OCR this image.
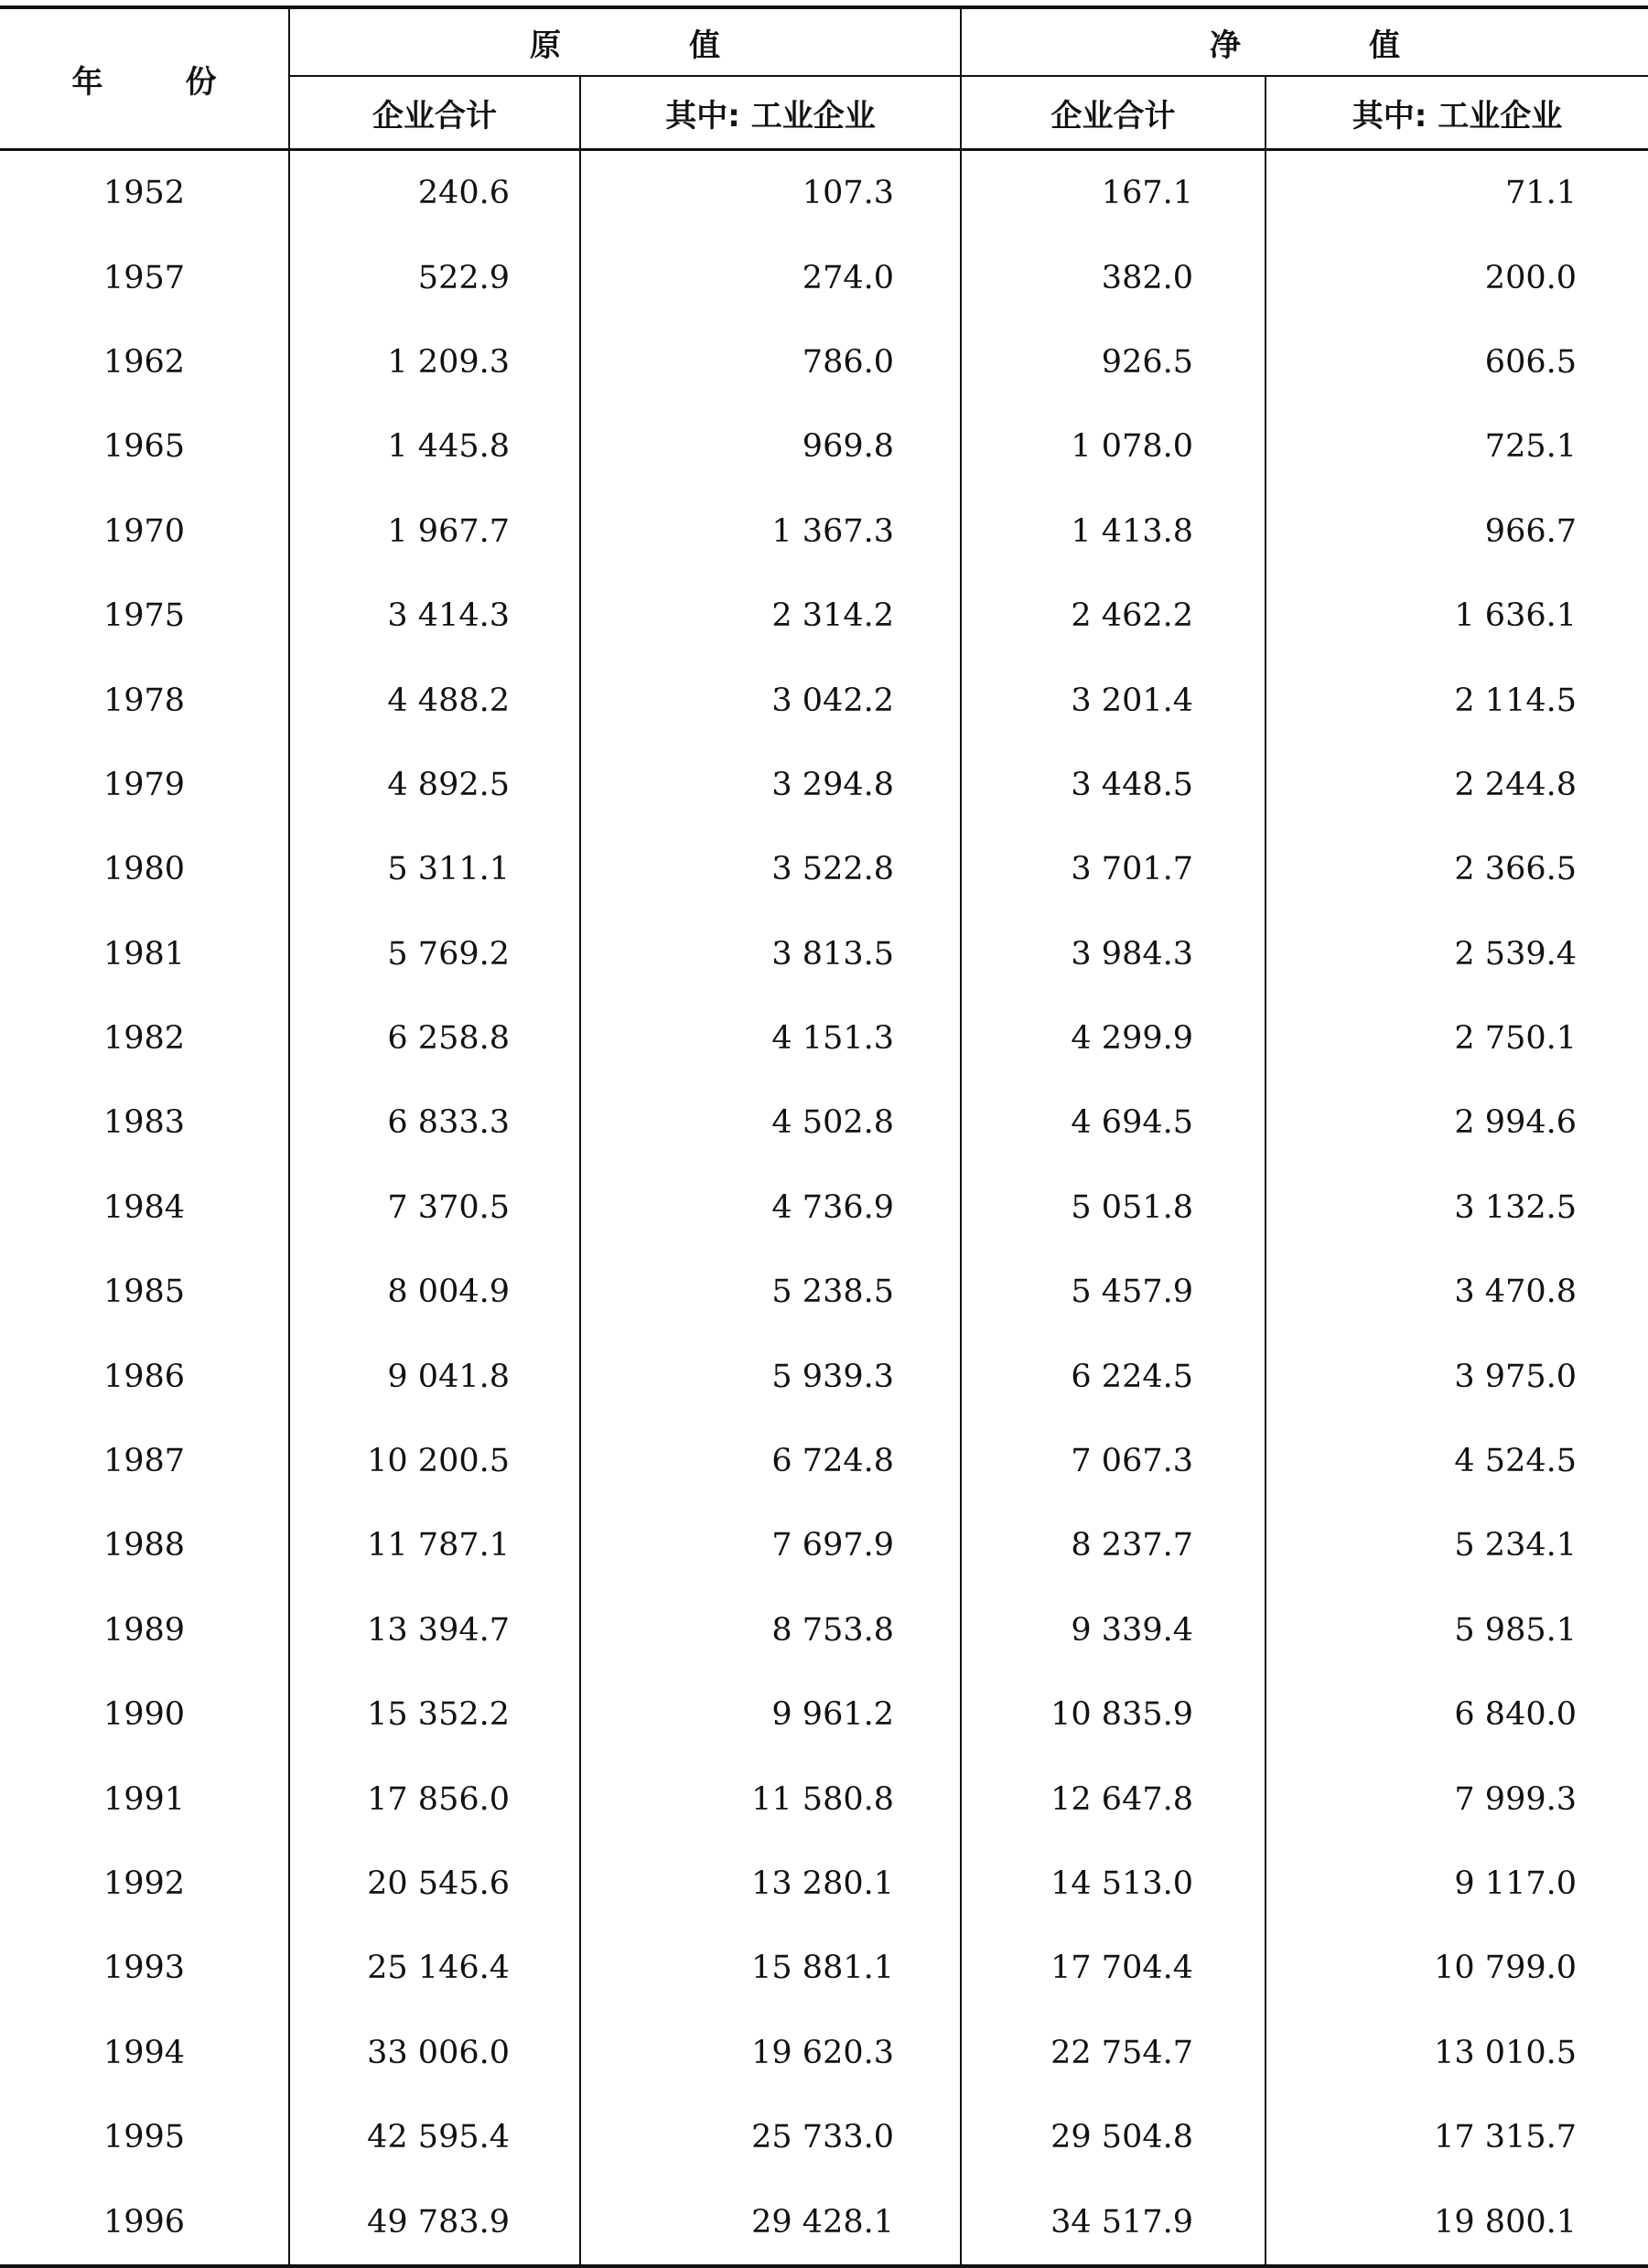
年 份	原 值		净 值	
	企业合计	其中: 工业企业	企业合计	其中: 工业企业
1952	240.6	107.3	167.1	71.1
1957	522.9	274.0	382.0	200.0
1962	1 209.3	786.0	926.5	606.5
1965	1 445.8	969.8	1 078.0	725.1
1970	1 967.7	1 367.3	1 413.8	966.7
1975	3 414.3	2 314.2	2 462.2	1 636.1
1978	4 488.2	3 042.2	3 201.4	2 114.5
1979	4 892.5	3 294.8	3 448.5	2 244.8
1980	5 311.1	3 522.8	3 701.7	2 366.5
1981	5 769.2	3 813.5	3 984.3	2 539.4
1982	6 258.8	4 151.3	4 299.9	2 750.1
1983	6 833.3	4 502.8	4 694.5	2 994.6
1984	7 370.5	4 736.9	5 051.8	3 132.5
1985	8 004.9	5 238.5	5 457.9	3 470.8
1986	9 041.8	5 939.3	6 224.5	3 975.0
1987	10 200.5	6 724.8	7 067.3	4 524.5
1988	11 787.1	7 697.9	8 237.7	5 234.1
1989	13 394.7	8 753.8	9 339.4	5 985.1
1990	15 352.2	9 961.2	10 835.9	6 840.0
1991	17 856.0	11 580.8	12 647.8	7 999.3
1992	20 545.6	13 280.1	14 513.0	9 117.0
1993	25 146.4	15 881.1	17 704.4	10 799.0
1994	33 006.0	19 620.3	22 754.7	13 010.5
1995	42 595.4	25 733.0	29 504.8	17 315.7
1996	49 783.9	29 428.1	34 517.9	19 800.1
